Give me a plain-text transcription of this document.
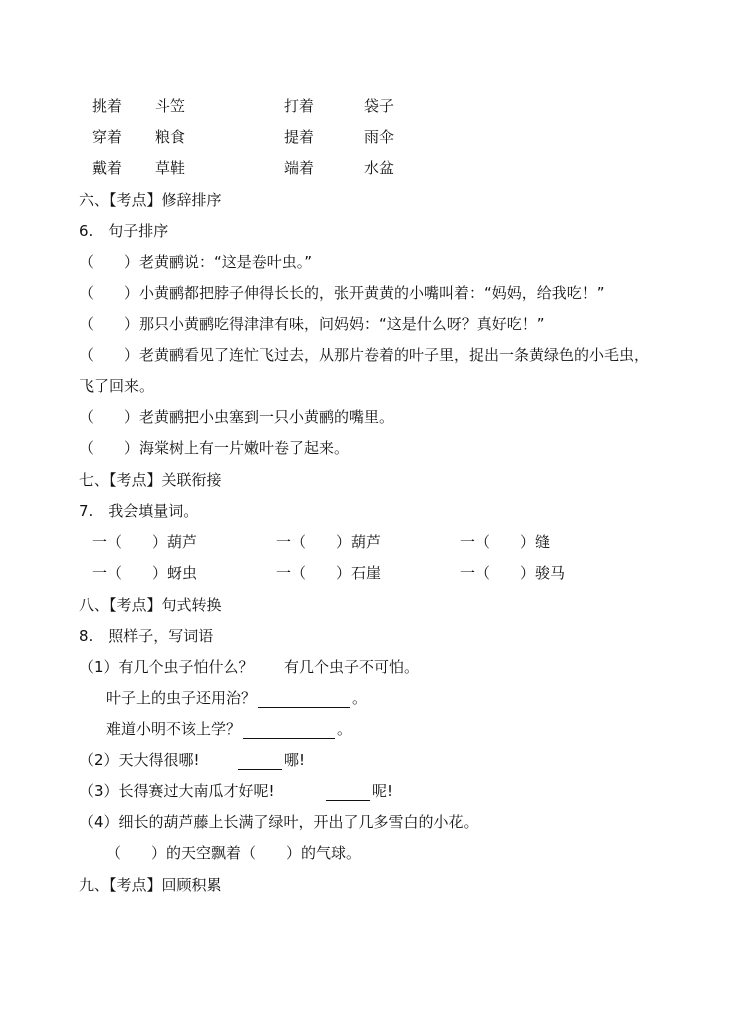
挑着 斗笠	打着	袋子
穿着 粮食	提着	雨伞
戴着 草鞋	端着	水盆
六、【考点】修辞排序
6.　句子排序
（　　）老黄鹂说：“这是卷叶虫。”
（　　）小黄鹂都把脖子伸得长长的，张开黄黄的小嘴叫着：“妈妈，给我吃！”
（　　）那只小黄鹂吃得津津有味，问妈妈：“这是什么呀？真好吃！”
（　　）老黄鹂看见了连忙飞过去，从那片卷着的叶子里，捉出一条黄绿色的小毛虫，
飞了回来。
（　　）老黄鹂把小虫塞到一只小黄鹂的嘴里。
（　　）海棠树上有一片嫩叶卷了起来。
七、【考点】关联衔接
7.　我会填量词。
一（　　）葫芦	一（　　）葫芦	一（　　）缝
一（　　）蚜虫	一（　　）石崖	一（　　）骏马
八、【考点】句式转换
8.　照样子，写词语
（1）有几个虫子怕什么？ 有几个虫子不可怕。
叶子上的虫子还用治？	。
难道小明不该上学？	。
（2）天大得很哪!	哪!
（3）长得赛过大南瓜才好呢!	呢!
（4）细长的葫芦藤上长满了绿叶，开出了几多雪白的小花。
（　　）的天空飘着（　　）的气球。
九、【考点】回顾积累
